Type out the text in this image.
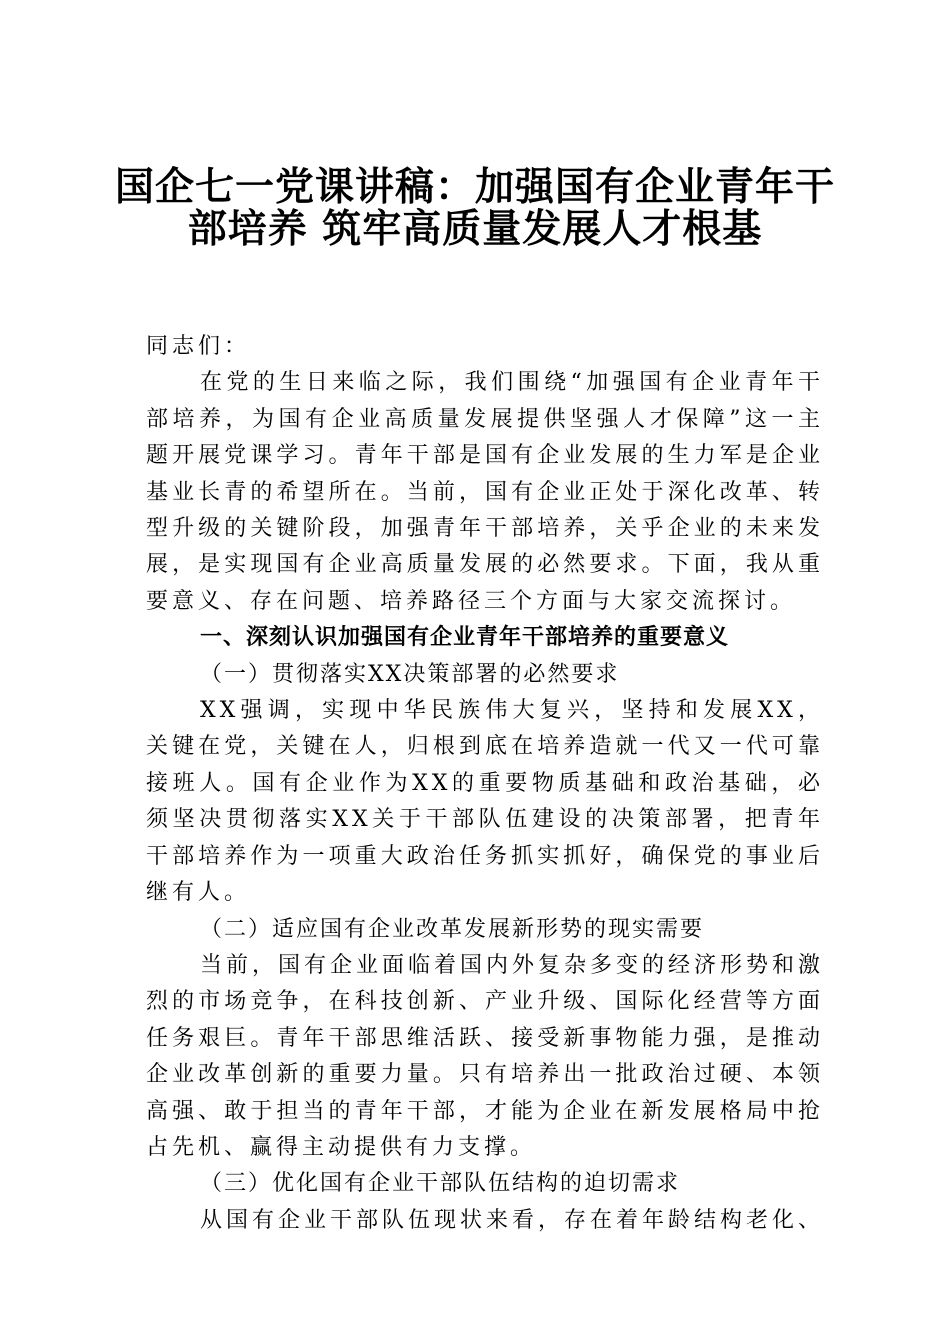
国企七一党课讲稿：加强国有企业青年干
部培养 筑牢高质量发展人才根基

同志们：

在党的生日来临之际，我们围绕“加强国有企业青年干部培养，为国有企业高质量发展提供坚强人才保障”这一主题开展党课学习。青年干部是国有企业发展的生力军是企业基业长青的希望所在。当前，国有企业正处于深化改革、转型升级的关键阶段，加强青年干部培养，关乎企业的未来发展，是实现国有企业高质量发展的必然要求。下面，我从重要意义、存在问题、培养路径三个方面与大家交流探讨。

一、深刻认识加强国有企业青年干部培养的重要意义

（一）贯彻落实XX决策部署的必然要求

XX强调，实现中华民族伟大复兴，坚持和发展XX，关键在党，关键在人，归根到底在培养造就一代又一代可靠接班人。国有企业作为XX的重要物质基础和政治基础，必须坚决贯彻落实XX关于干部队伍建设的决策部署，把青年干部培养作为一项重大政治任务抓实抓好，确保党的事业后继有人。

（二）适应国有企业改革发展新形势的现实需要

当前，国有企业面临着国内外复杂多变的经济形势和激烈的市场竞争，在科技创新、产业升级、国际化经营等方面任务艰巨。青年干部思维活跃、接受新事物能力强，是推动企业改革创新的重要力量。只有培养出一批政治过硬、本领高强、敢于担当的青年干部，才能为企业在新发展格局中抢占先机、赢得主动提供有力支撑。

（三）优化国有企业干部队伍结构的迫切需求

从国有企业干部队伍现状来看，存在着年龄结构老化、
